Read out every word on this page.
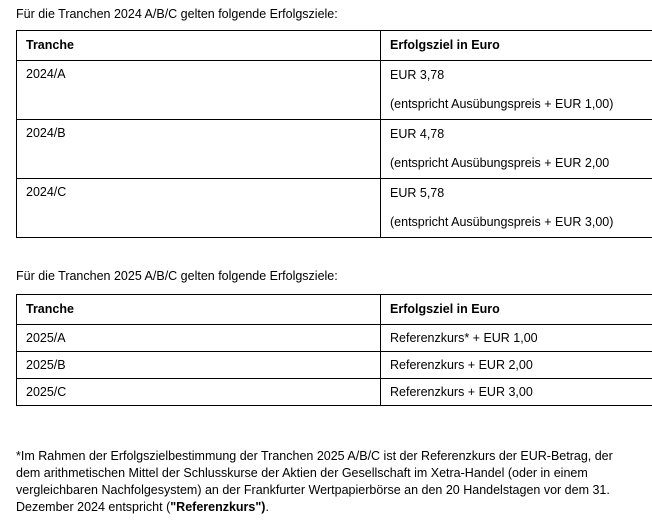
Für die Tranchen 2024 A/B/C gelten folgende Erfolgsziele:
Tranche	Erfolgsziel in Euro
2024/A	EUR 3,78
(entspricht Ausübungspreis + EUR 1,00)

2024/B	EUR 4,78
(entspricht Ausübungspreis + EUR 2,00

2024/C	EUR 5,78
(entspricht Ausübungspreis + EUR 3,00)
Für die Tranchen 2025 A/B/C gelten folgende Erfolgsziele:
Tranche	Erfolgsziel in Euro
2025/A	Referenzkurs* + EUR 1,00
2025/B	Referenzkurs + EUR 2,00
2025/C	Referenzkurs + EUR 3,00
*Im Rahmen der Erfolgszielbestimmung der Tranchen 2025 A/B/C ist der Referenzkurs der EUR-Betrag, der dem arithmetischen Mittel der Schlusskurse der Aktien der Gesellschaft im Xetra-Handel (oder in einem vergleichbaren Nachfolgesystem) an der Frankfurter Wertpapierbörse an den 20 Handelstagen vor dem 31. Dezember 2024 entspricht ("Referenzkurs").
